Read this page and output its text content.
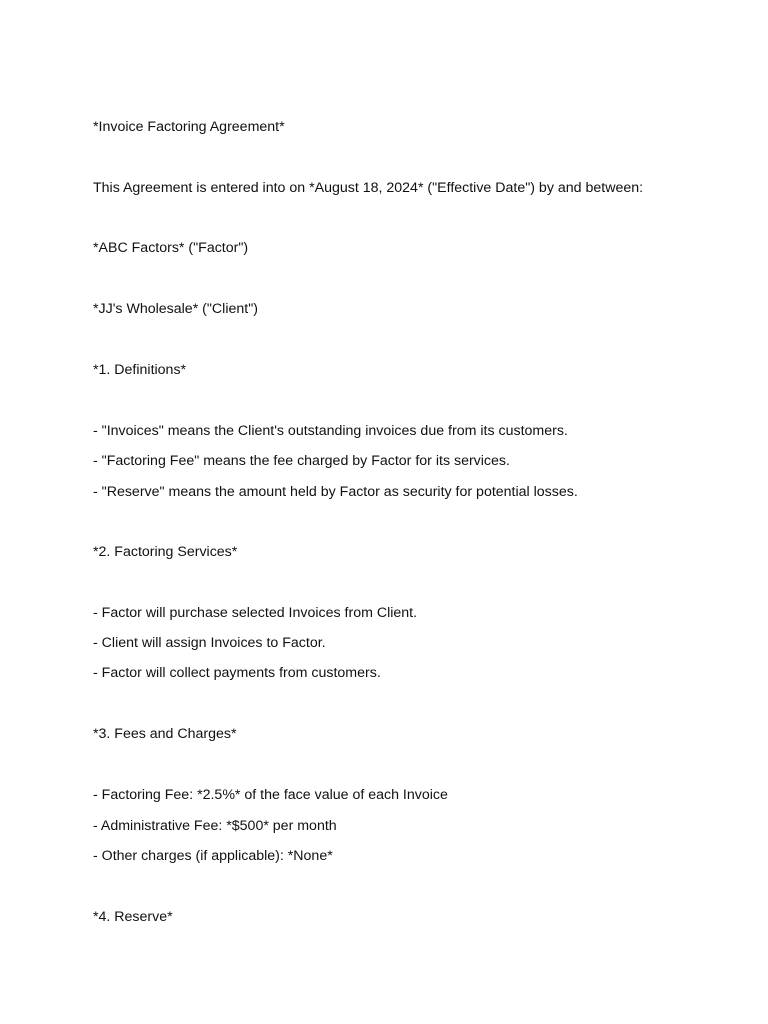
*Invoice Factoring Agreement*
This Agreement is entered into on *August 18, 2024* ("Effective Date") by and between:
*ABC Factors* ("Factor")
*JJ's Wholesale* ("Client")
*1. Definitions*
- "Invoices" means the Client's outstanding invoices due from its customers.
- "Factoring Fee" means the fee charged by Factor for its services.
- "Reserve" means the amount held by Factor as security for potential losses.
*2. Factoring Services*
- Factor will purchase selected Invoices from Client.
- Client will assign Invoices to Factor.
- Factor will collect payments from customers.
*3. Fees and Charges*
- Factoring Fee: *2.5%* of the face value of each Invoice
- Administrative Fee: *$500* per month
- Other charges (if applicable): *None*
*4. Reserve*
